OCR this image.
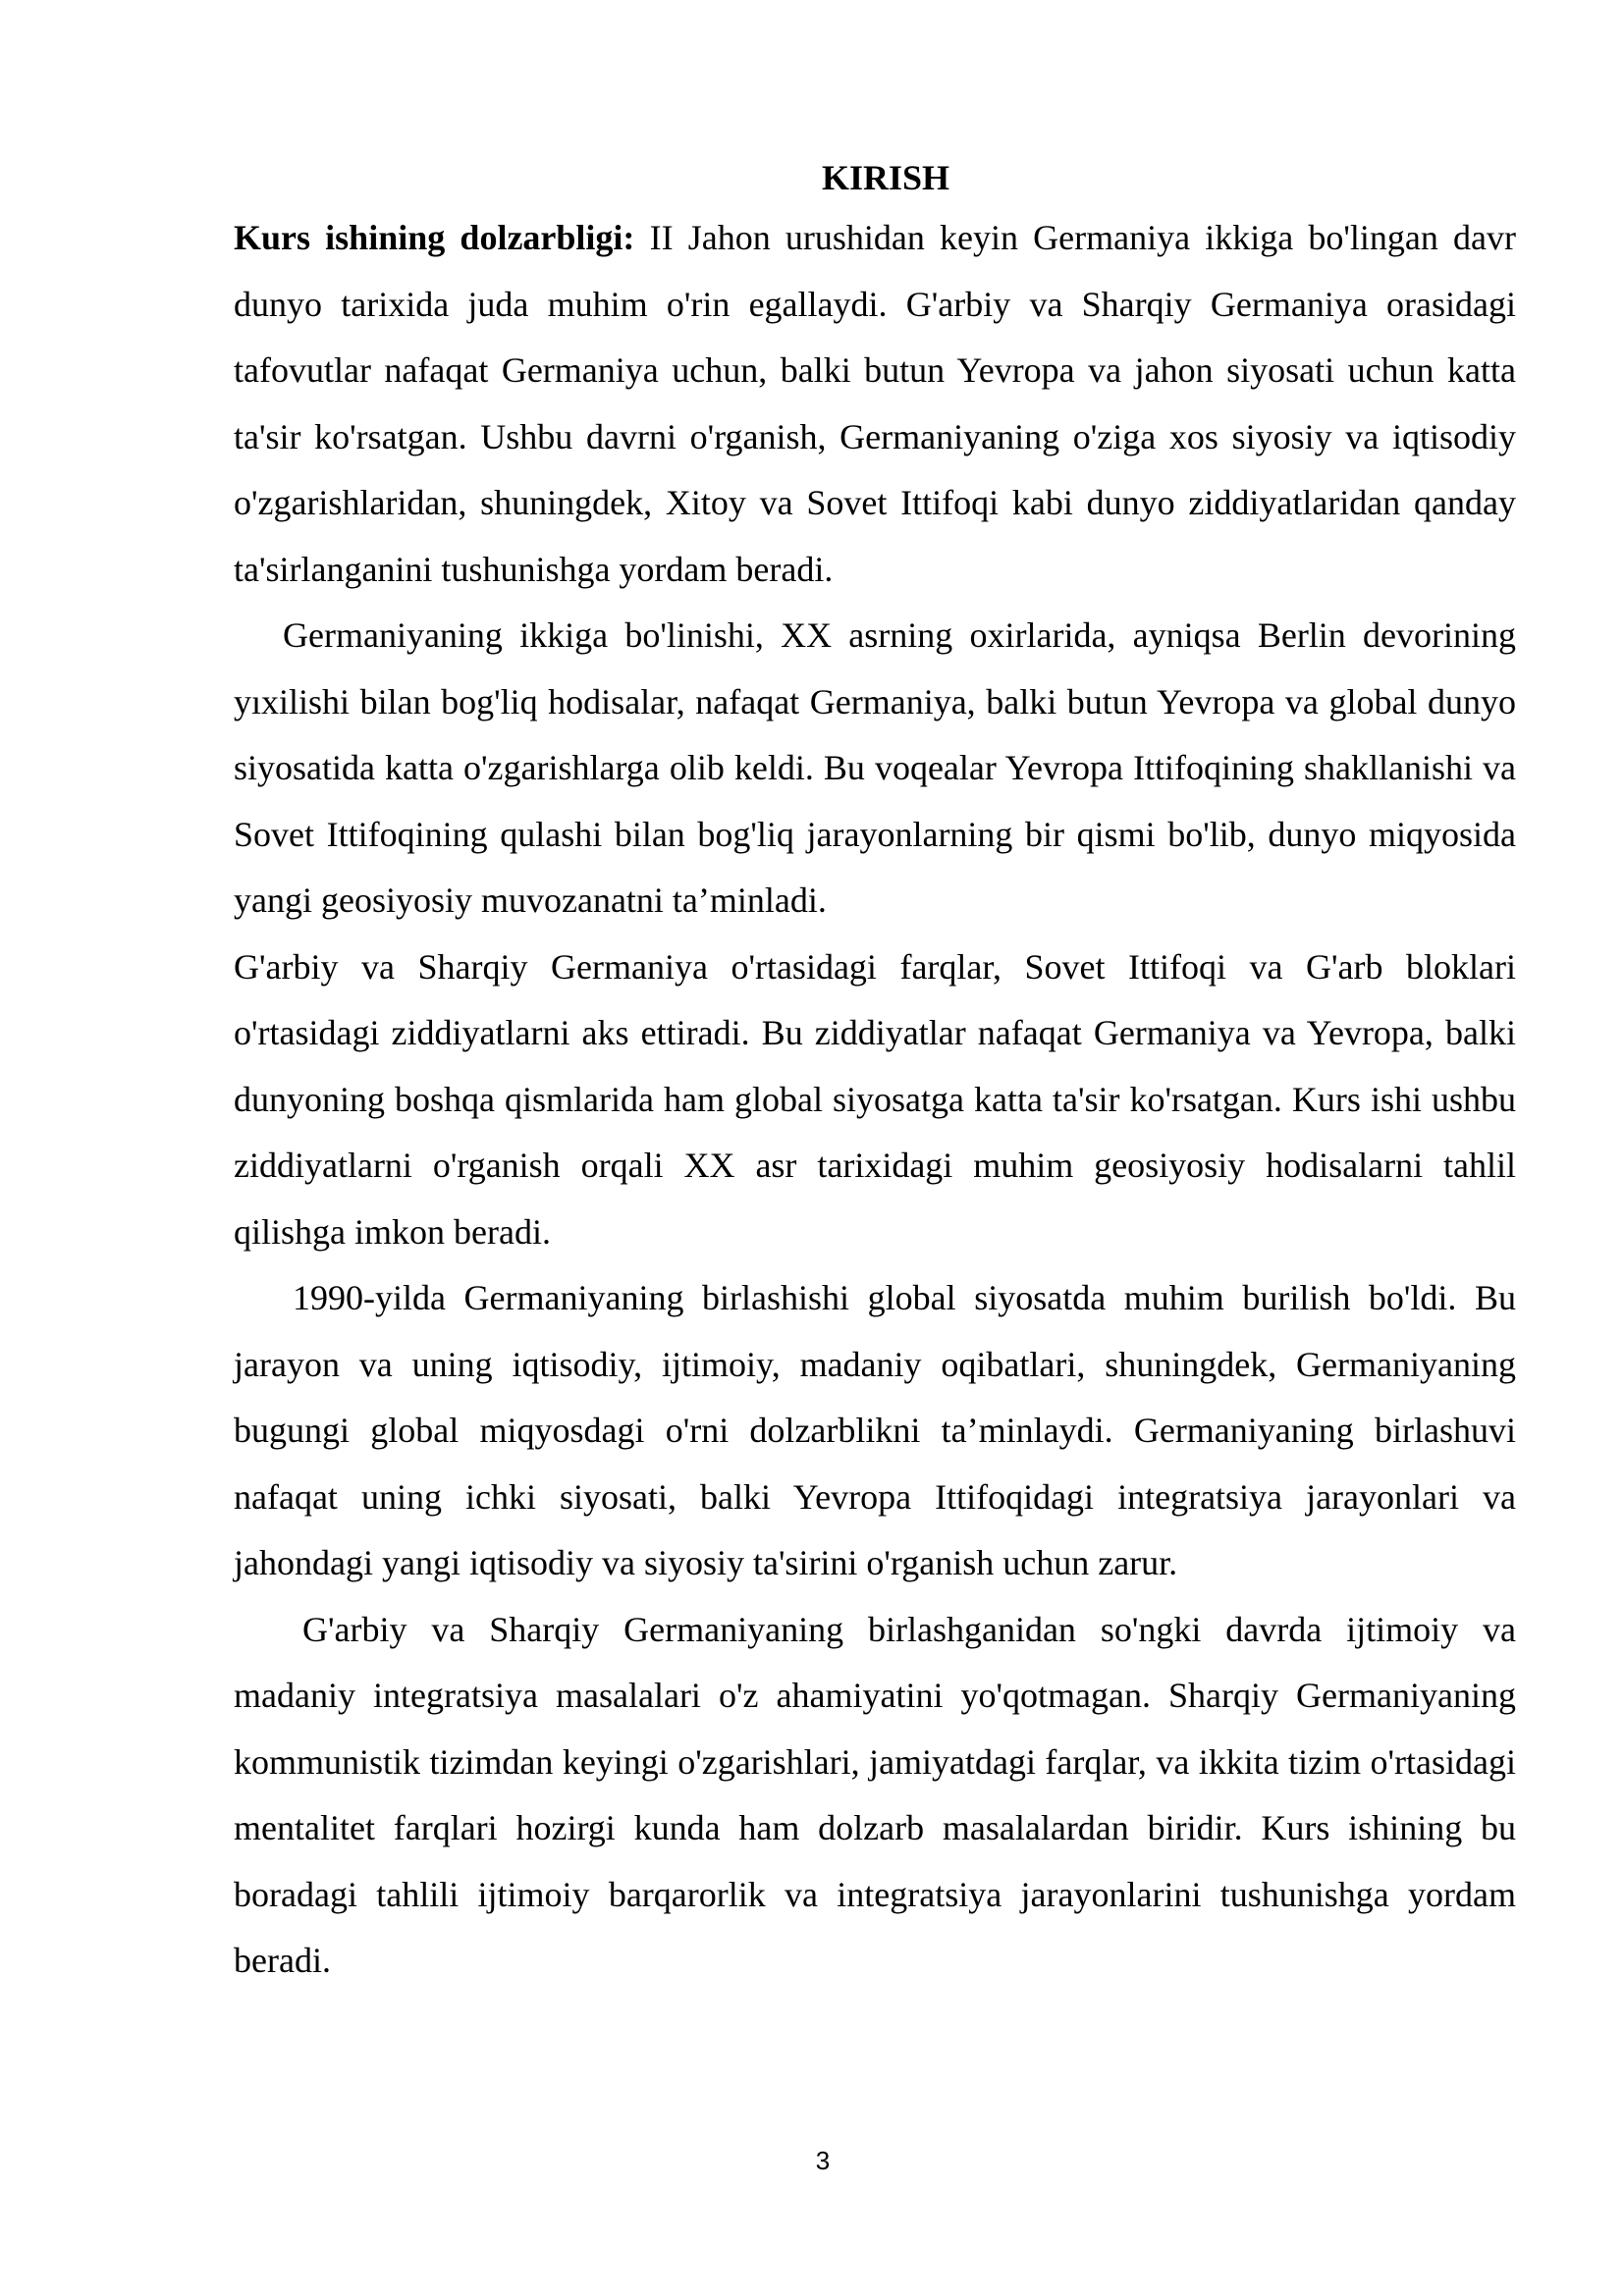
KIRISH

Kurs ishining dolzarbligi: II Jahon urushidan keyin Germaniya ikkiga bo'lingan davr dunyo tarixida juda muhim o'rin egallaydi. G'arbiy va Sharqiy Germaniya orasidagi tafovutlar nafaqat Germaniya uchun, balki butun Yevropa va jahon siyosati uchun katta ta'sir ko'rsatgan. Ushbu davrni o'rganish, Germaniyaning o'ziga xos siyosiy va iqtisodiy o'zgarishlaridan, shuningdek, Xitoy va Sovet Ittifoqi kabi dunyo ziddiyatlaridan qanday ta'sirlanganini tushunishga yordam beradi.

Germaniyaning ikkiga bo'linishi, XX asrning oxirlarida, ayniqsa Berlin devorining yıxilishi bilan bog'liq hodisalar, nafaqat Germaniya, balki butun Yevropa va global dunyo siyosatida katta o'zgarishlarga olib keldi. Bu voqealar Yevropa Ittifoqining shakllanishi va Sovet Ittifoqining qulashi bilan bog'liq jarayonlarning bir qismi bo'lib, dunyo miqyosida yangi geosiyosiy muvozanatni ta’minladi.

G'arbiy va Sharqiy Germaniya o'rtasidagi farqlar, Sovet Ittifoqi va G'arb bloklari o'rtasidagi ziddiyatlarni aks ettiradi. Bu ziddiyatlar nafaqat Germaniya va Yevropa, balki dunyoning boshqa qismlarida ham global siyosatga katta ta'sir ko'rsatgan. Kurs ishi ushbu ziddiyatlarni o'rganish orqali XX asr tarixidagi muhim geosiyosiy hodisalarni tahlil qilishga imkon beradi.

1990-yilda Germaniyaning birlashishi global siyosatda muhim burilish bo'ldi. Bu jarayon va uning iqtisodiy, ijtimoiy, madaniy oqibatlari, shuningdek, Germaniyaning bugungi global miqyosdagi o'rni dolzarblikni ta’minlaydi. Germaniyaning birlashuvi nafaqat uning ichki siyosati, balki Yevropa Ittifoqidagi integratsiya jarayonlari va jahondagi yangi iqtisodiy va siyosiy ta'sirini o'rganish uchun zarur.

G'arbiy va Sharqiy Germaniyaning birlashganidan so'ngki davrda ijtimoiy va madaniy integratsiya masalalari o'z ahamiyatini yo'qotmagan. Sharqiy Germaniyaning kommunistik tizimdan keyingi o'zgarishlari, jamiyatdagi farqlar, va ikkita tizim o'rtasidagi mentalitet farqlari hozirgi kunda ham dolzarb masalalardan biridir. Kurs ishining bu boradagi tahlili ijtimoiy barqarorlik va integratsiya jarayonlarini tushunishga yordam beradi.

3
